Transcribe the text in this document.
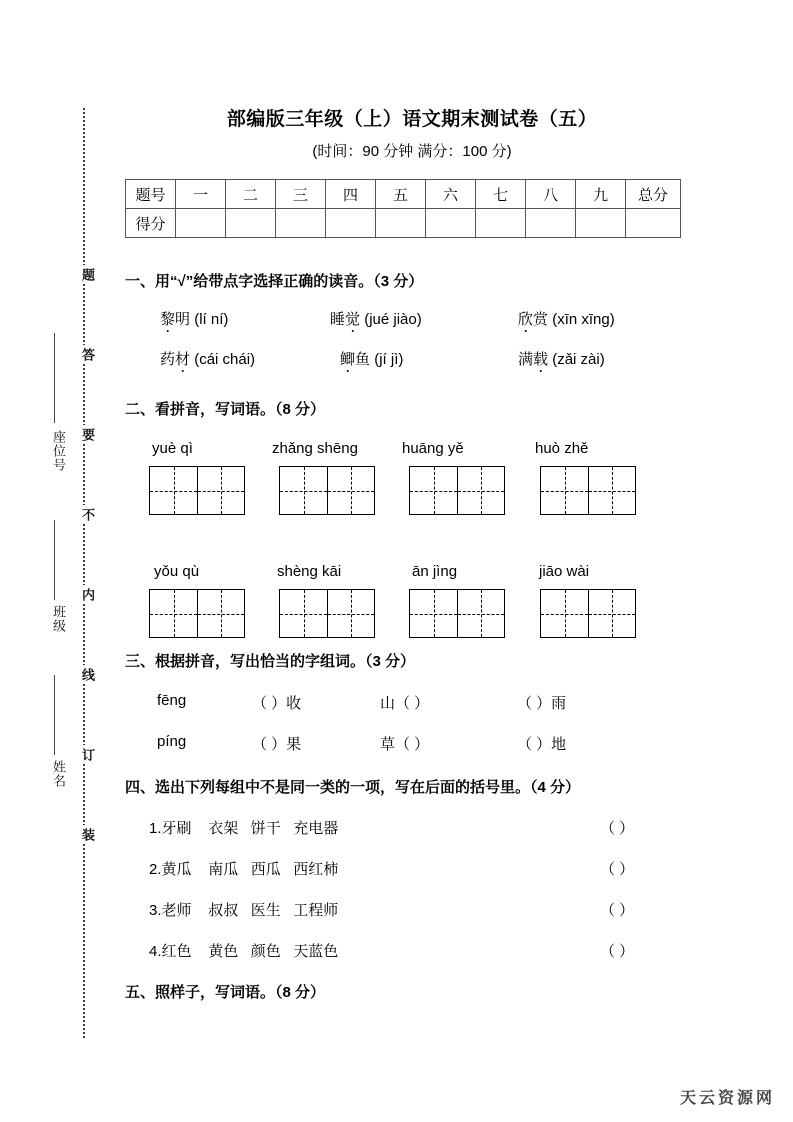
题
答
要
不
内
线
订
装
座位号
班级
姓名
部编版三年级（上）语文期末测试卷（五）
(时间：90 分钟 满分：100 分)
题号	一	二	三	四	五	六	七	八	九	总分
得分										
一、用“√”给带点字选择正确的读音。（3 分）
黎明 (lí ní)	睡觉 (jué jiào)	欣赏 (xīn xīng)
药材 (cái chái)	鲫鱼 (jí jì)	满载 (zǎi zài)
二、看拼音，写词语。（8 分）
yuè qì	zhǎng shēng	huāng yě	huò zhě
yǒu qù	shèng kāi	ān jìng	jiāo wài
三、根据拼音，写出恰当的字组词。（3 分）
fēng	（ ）收	山（ ）	（ ）雨
píng	（ ）果	草（ ）	（ ）地
四、选出下列每组中不是同一类的一项，写在后面的括号里。（4 分）
1.牙刷 衣架 饼干 充电器	（ ）
2.黄瓜 南瓜 西瓜 西红柿	（ ）
3.老师 叔叔 医生 工程师	（ ）
4.红色 黄色 颜色 天蓝色	（ ）
五、照样子，写词语。（8 分）
天云资源网
